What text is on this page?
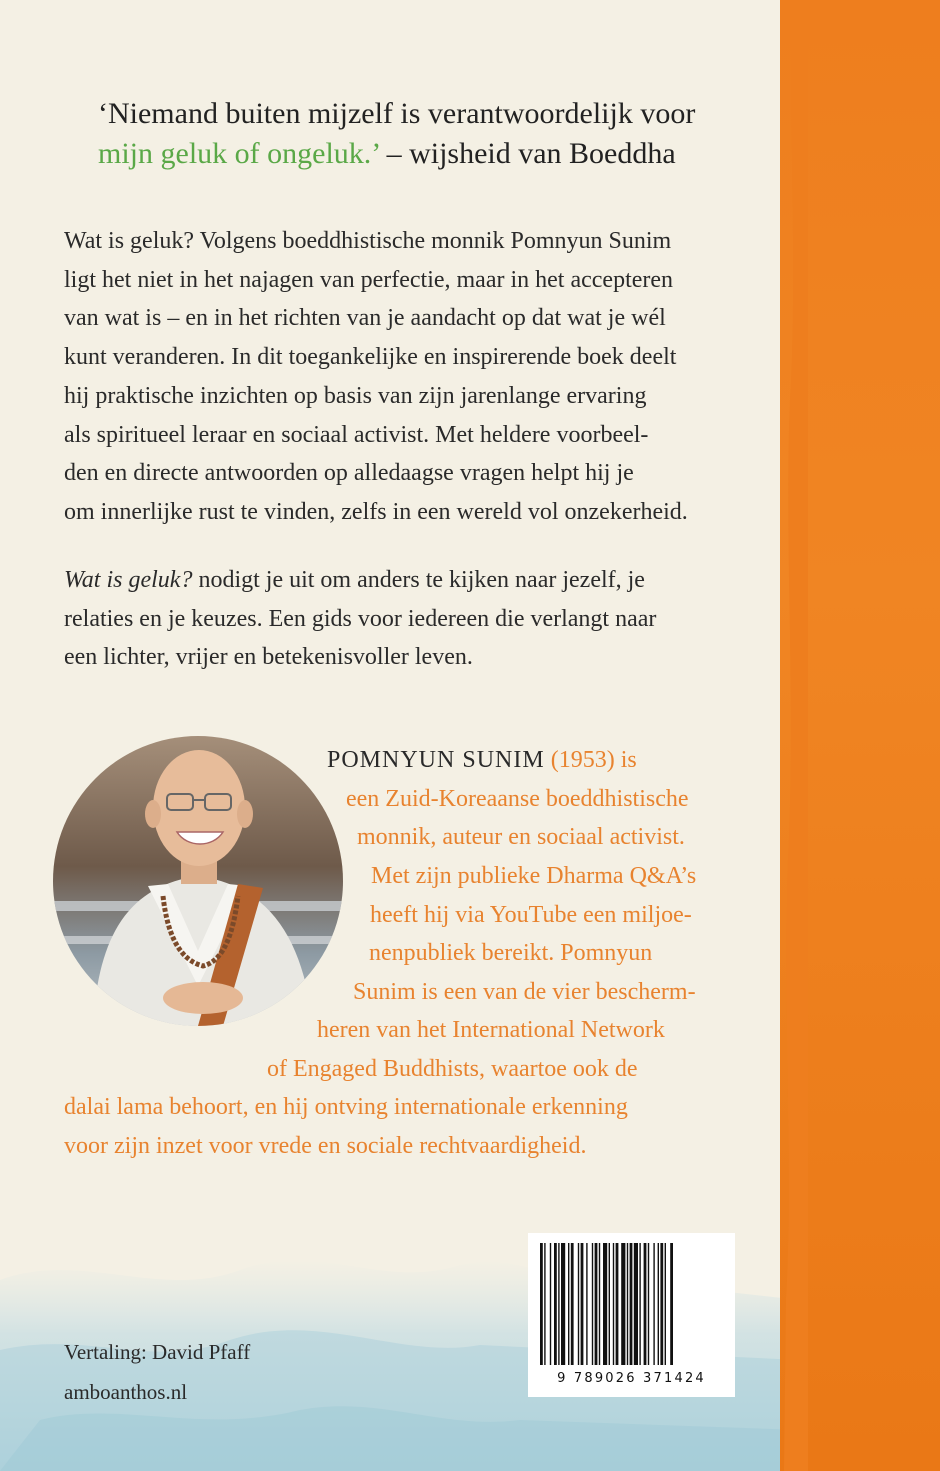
‘Niemand buiten mijzelf is verantwoordelijk voor
mijn geluk of ongeluk.’ – wijsheid van Boeddha
Wat is geluk? Volgens boeddhistische monnik Pomnyun Sunim
ligt het niet in het najagen van perfectie, maar in het accepteren
van wat is – en in het richten van je aandacht op dat wat je wél
kunt veranderen. In dit toegankelijke en inspirerende boek deelt
hij praktische inzichten op basis van zijn jarenlange ervaring
als spiritueel leraar en sociaal activist. Met heldere voorbeel-
den en directe antwoorden op alledaagse vragen helpt hij je
om innerlijke rust te vinden, zelfs in een wereld vol onzekerheid.
Wat is geluk? nodigt je uit om anders te kijken naar jezelf, je
relaties en je keuzes. Een gids voor iedereen die verlangt naar
een lichter, vrijer en betekenisvoller leven.
POMNYUN SUNIM (1953) is
een Zuid-Koreaanse boeddhistische
monnik, auteur en sociaal activist.
Met zijn publieke Dharma Q&A’s
heeft hij via YouTube een miljoe-
nenpubliek bereikt. Pomnyun
Sunim is een van de vier bescherm-
heren van het International Network
of Engaged Buddhists, waartoe ook de
dalai lama behoort, en hij ontving internationale erkenning
voor zijn inzet voor vrede en sociale rechtvaardigheid.
9 789026 371424
Vertaling: David Pfaff
amboanthos.nl
